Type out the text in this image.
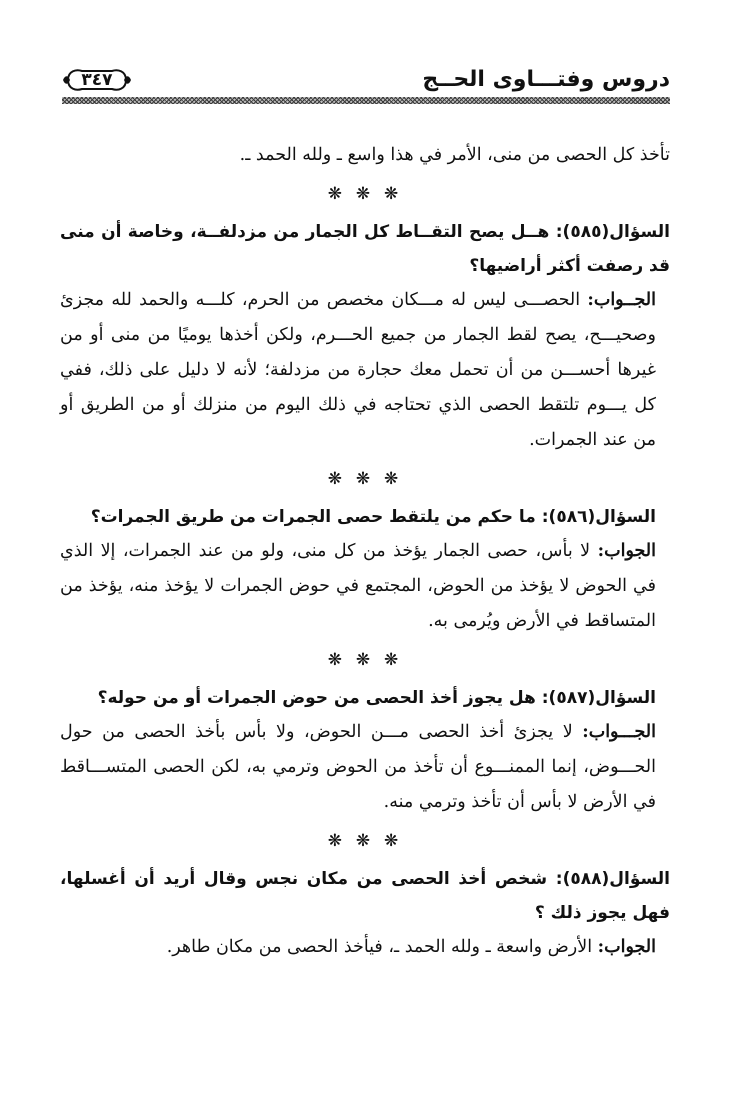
دروس وفتـــاوى الحــج
٣٤٧

تأخذ كل الحصى من منى، الأمر في هذا واسع ـ ولله الحمد ـ.

❋ ❋ ❋

السؤال(٥٨٥): هــل يصح التقــاط كل الجمار من مزدلفــة، وخاصة أن منى قد رصفت أكثر أراضيها؟

الجــواب: الحصـــى ليس له مـــكان مخصص من الحرم، كلـــه والحمد لله مجزئ وصحيـــح، يصح لقط الجمار من جميع الحـــرم، ولكن أخذها يوميًا من منى أو من غيرها أحســـن من أن تحمل معك حجارة من مزدلفة؛ لأنه لا دليل على ذلك، ففي كل يـــوم تلتقط الحصى الذي تحتاجه في ذلك اليوم من منزلك أو من الطريق أو من عند الجمرات.

❋ ❋ ❋

السؤال(٥٨٦): ما حكم من يلتقط حصى الجمرات من طريق الجمرات؟

الجواب: لا بأس، حصى الجمار يؤخذ من كل منى، ولو من عند الجمرات، إلا الذي في الحوض لا يؤخذ من الحوض، المجتمع في حوض الجمرات لا يؤخذ منه، يؤخذ من المتساقط في الأرض ويُرمى به.

❋ ❋ ❋

السؤال(٥٨٧): هل يجوز أخذ الحصى من حوض الجمرات أو من حوله؟

الجـــواب: لا يجزئ أخذ الحصى مـــن الحوض، ولا بأس بأخذ الحصى من حول الحـــوض، إنما الممنـــوع أن تأخذ من الحوض وترمي به، لكن الحصى المتســـاقط في الأرض لا بأس أن تأخذ وترمي منه.

❋ ❋ ❋

السؤال(٥٨٨): شخص أخذ الحصى من مكان نجس وقال أريد أن أغسلها، فهل يجوز ذلك ؟

الجواب: الأرض واسعة ـ ولله الحمد ـ، فيأخذ الحصى من مكان طاهر.
